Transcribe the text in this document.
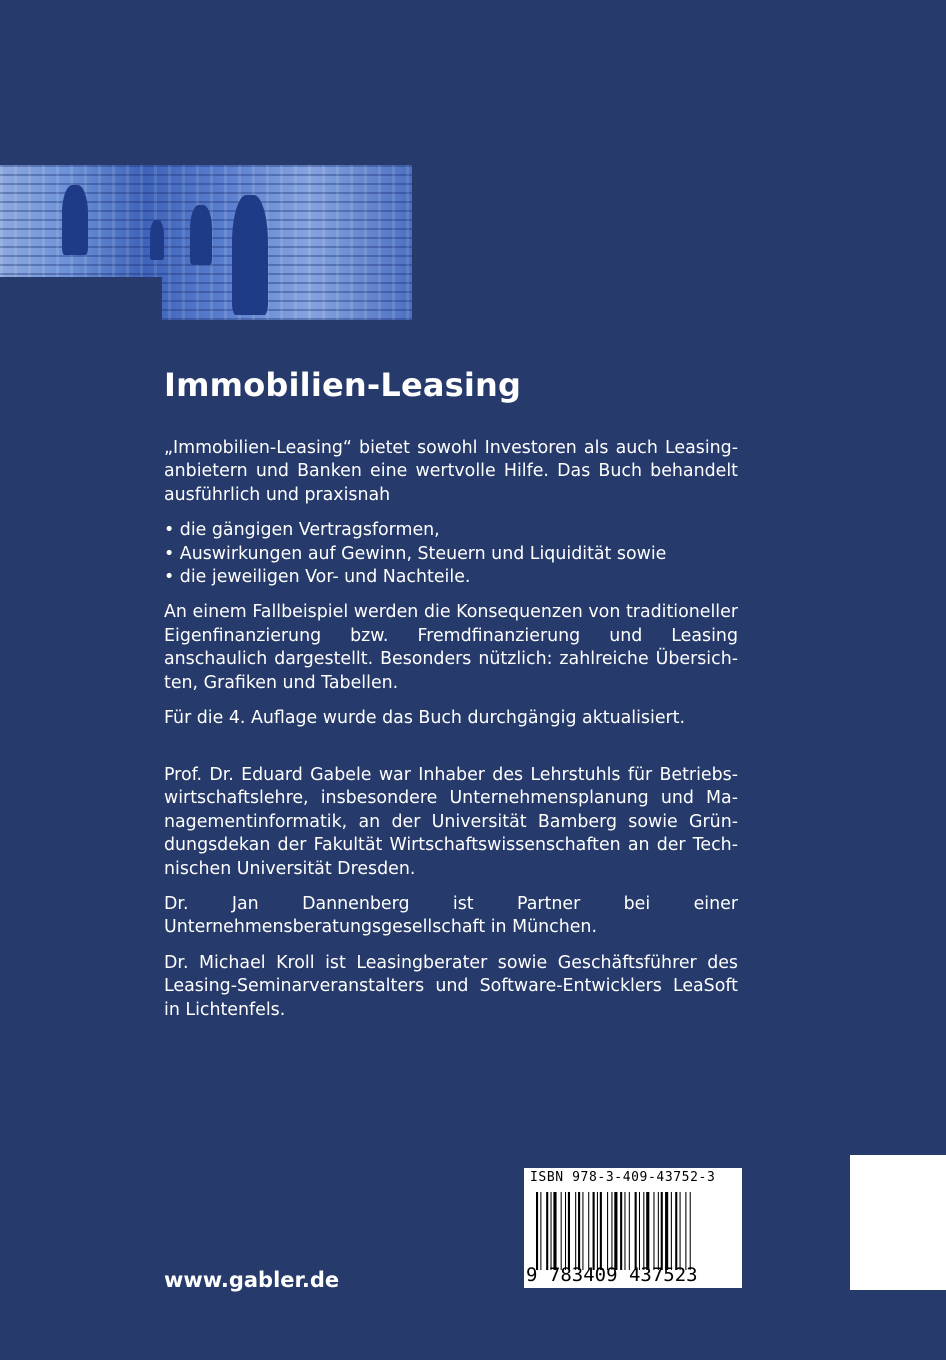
Immobilien-Leasing

„Immobilien-Leasing“ bietet sowohl Investoren als auch Leasinganbietern und Banken eine wertvolle Hilfe. Das Buch behandelt ausführlich und praxisnah

• die gängigen Vertragsformen,
• Auswirkungen auf Gewinn, Steuern und Liquidität sowie
• die jeweiligen Vor- und Nachteile.

An einem Fallbeispiel werden die Konsequenzen von traditioneller Eigenfinanzierung bzw. Fremdfinanzierung und Leasing anschaulich dargestellt. Besonders nützlich: zahlreiche Übersichten, Grafiken und Tabellen.

Für die 4. Auflage wurde das Buch durchgängig aktualisiert.

Prof. Dr. Eduard Gabele war Inhaber des Lehrstuhls für Betriebswirtschaftslehre, insbesondere Unternehmensplanung und Managementinformatik, an der Universität Bamberg sowie Gründungsdekan der Fakultät Wirtschaftswissenschaften an der Technischen Universität Dresden.

Dr. Jan Dannenberg ist Partner bei einer Unternehmensberatungsgesellschaft in München.

Dr. Michael Kroll ist Leasingberater sowie Geschäftsführer des Leasing-Seminarveranstalters und Software-Entwicklers LeaSoft in Lichtenfels.

www.gabler.de
ISBN 978-3-409-43752-3
9 783409 437523
